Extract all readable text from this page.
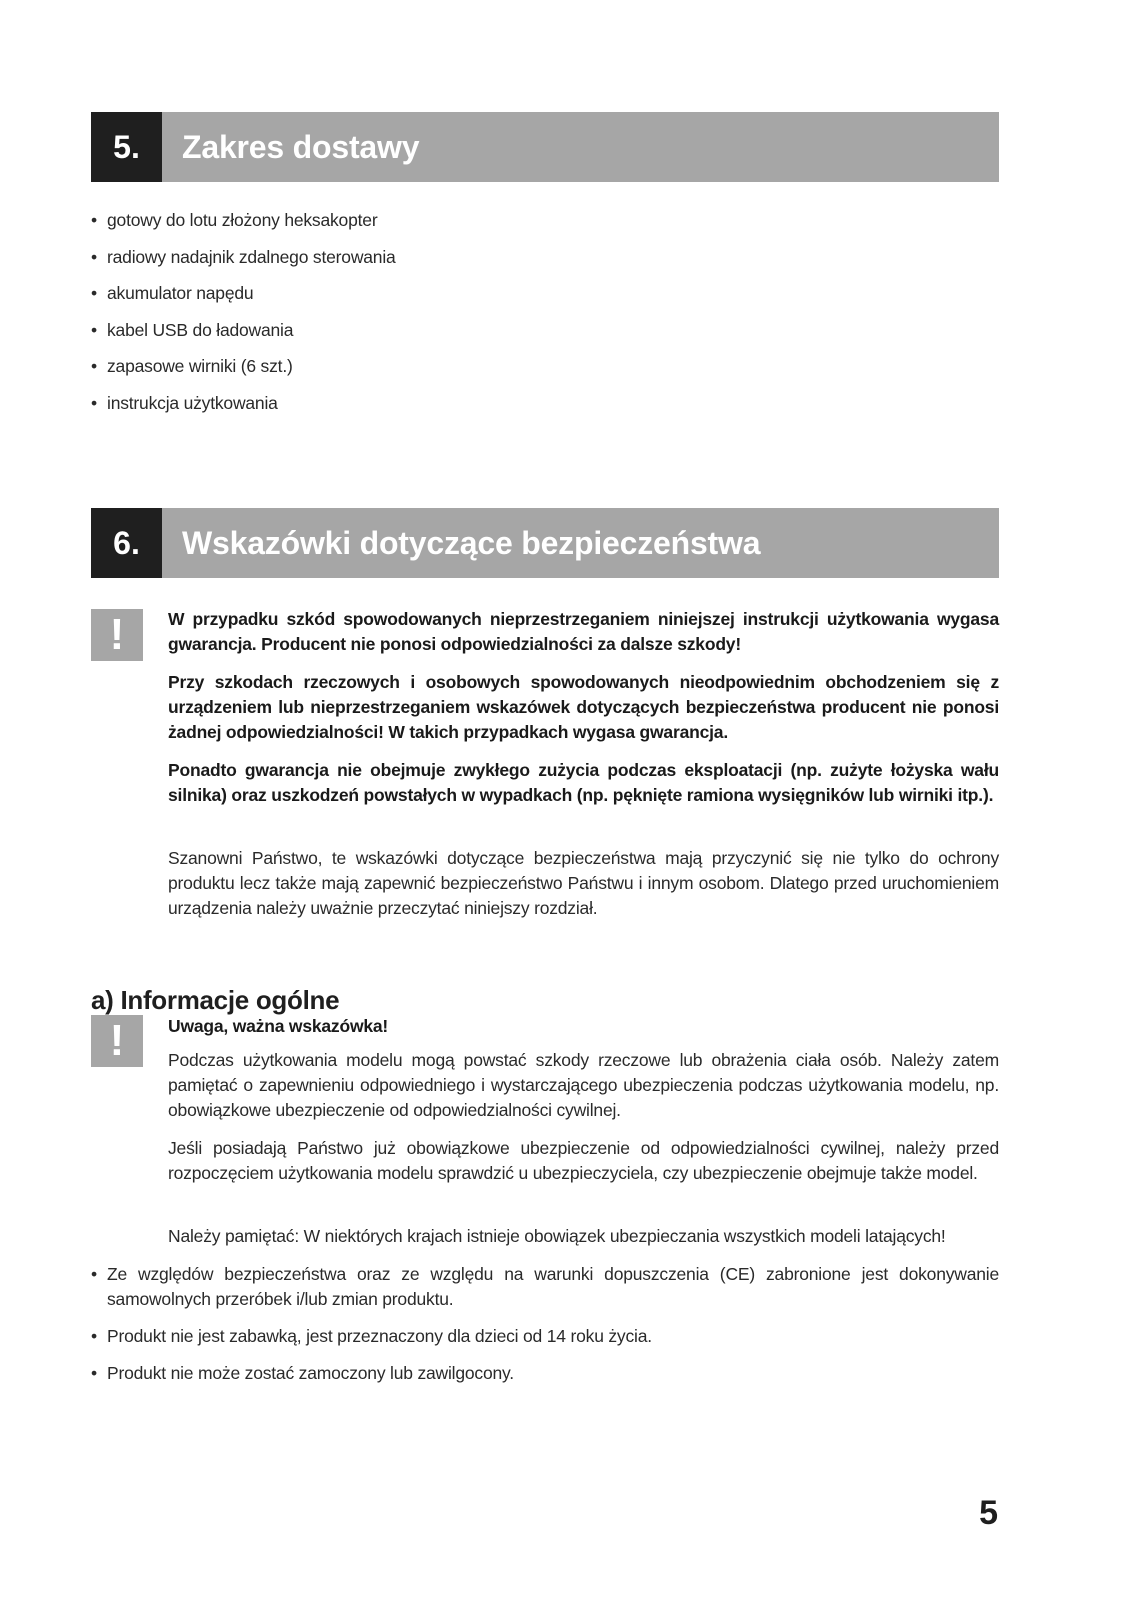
5.	Zakres dostawy
• gotowy do lotu złożony heksakopter
• radiowy nadajnik zdalnego sterowania
• akumulator napędu
• kabel USB do ładowania
• zapasowe wirniki (6 szt.)
• instrukcja użytkowania
6.	Wskazówki dotyczące bezpieczeństwa
!	W przypadku szkód spowodowanych nieprzestrzeganiem niniejszej instrukcji użytkowania wygasa gwarancja. Producent nie ponosi odpowiedzialności za dalsze szkody!

Przy szkodach rzeczowych i osobowych spowodowanych nieodpowiednim obchodzeniem się z urządzeniem lub nieprzestrzeganiem wskazówek dotyczących bezpieczeństwa producent nie ponosi żadnej odpowiedzialności! W takich przypadkach wygasa gwarancja.

Ponadto gwarancja nie obejmuje zwykłego zużycia podczas eksploatacji (np. zużyte łożyska wału silnika) oraz uszkodzeń powstałych w wypadkach (np. pęknięte ramiona wysięgników lub wirniki itp.).

Szanowni Państwo, te wskazówki dotyczące bezpieczeństwa mają przyczynić się nie tylko do ochrony produktu lecz także mają zapewnić bezpieczeństwo Państwu i innym osobom. Dlatego przed uruchomieniem urządzenia należy uważnie przeczytać niniejszy rozdział.

a) Informacje ogólne
!	Uwaga, ważna wskazówka!

Podczas użytkowania modelu mogą powstać szkody rzeczowe lub obrażenia ciała osób. Należy zatem pamiętać o zapewnieniu odpowiedniego i wystarczającego ubezpieczenia podczas użytkowania modelu, np. obowiązkowe ubezpieczenie od odpowiedzialności cywilnej.

Jeśli posiadają Państwo już obowiązkowe ubezpieczenie od odpowiedzialności cywilnej, należy przed rozpoczęciem użytkowania modelu sprawdzić u ubezpieczyciela, czy ubezpieczenie obejmuje także model.

Należy pamiętać: W niektórych krajach istnieje obowiązek ubezpieczania wszystkich modeli latających!

• Ze względów bezpieczeństwa oraz ze względu na warunki dopuszczenia (CE) zabronione jest dokonywanie samowolnych przeróbek i/lub zmian produktu.
• Produkt nie jest zabawką, jest przeznaczony dla dzieci od 14 roku życia.
• Produkt nie może zostać zamoczony lub zawilgocony.
5
